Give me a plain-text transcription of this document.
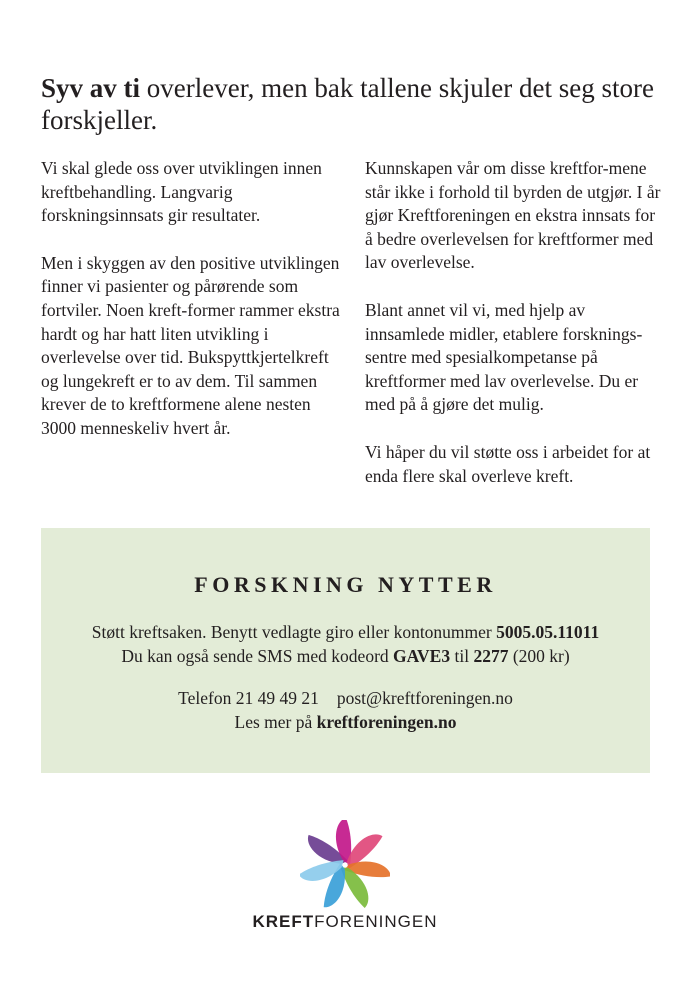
Syv av ti overlever, men bak tallene skjuler det seg store forskjeller.

Vi skal glede oss over utviklingen innen kreftbehandling. Langvarig forskningsinnsats gir resultater.

Men i skyggen av den positive utviklingen finner vi pasienter og pårørende som fortviler. Noen kreft-former rammer ekstra hardt og har hatt liten utvikling i overlevelse over tid. Bukspyttkjertelkreft og lungekreft er to av dem. Til sammen krever de to kreftformene alene nesten 3000 menneskeliv hvert år.

Kunnskapen vår om disse kreftfor-mene står ikke i forhold til byrden de utgjør. I år gjør Kreftforeningen en ekstra innsats for å bedre overlevelsen for kreftformer med lav overlevelse.

Blant annet vil vi, med hjelp av innsamlede midler, etablere forsknings-sentre med spesialkompetanse på kreftformer med lav overlevelse. Du er med på å gjøre det mulig.

Vi håper du vil støtte oss i arbeidet for at enda flere skal overleve kreft.

FORSKNING NYTTER
Støtt kreftsaken. Benytt vedlagte giro eller kontonummer 5005.05.11011
Du kan også sende SMS med kodeord GAVE3 til 2277 (200 kr)
Telefon 21 49 49 21 post@kreftforeningen.no
Les mer på kreftforeningen.no
KREFTFORENINGEN
